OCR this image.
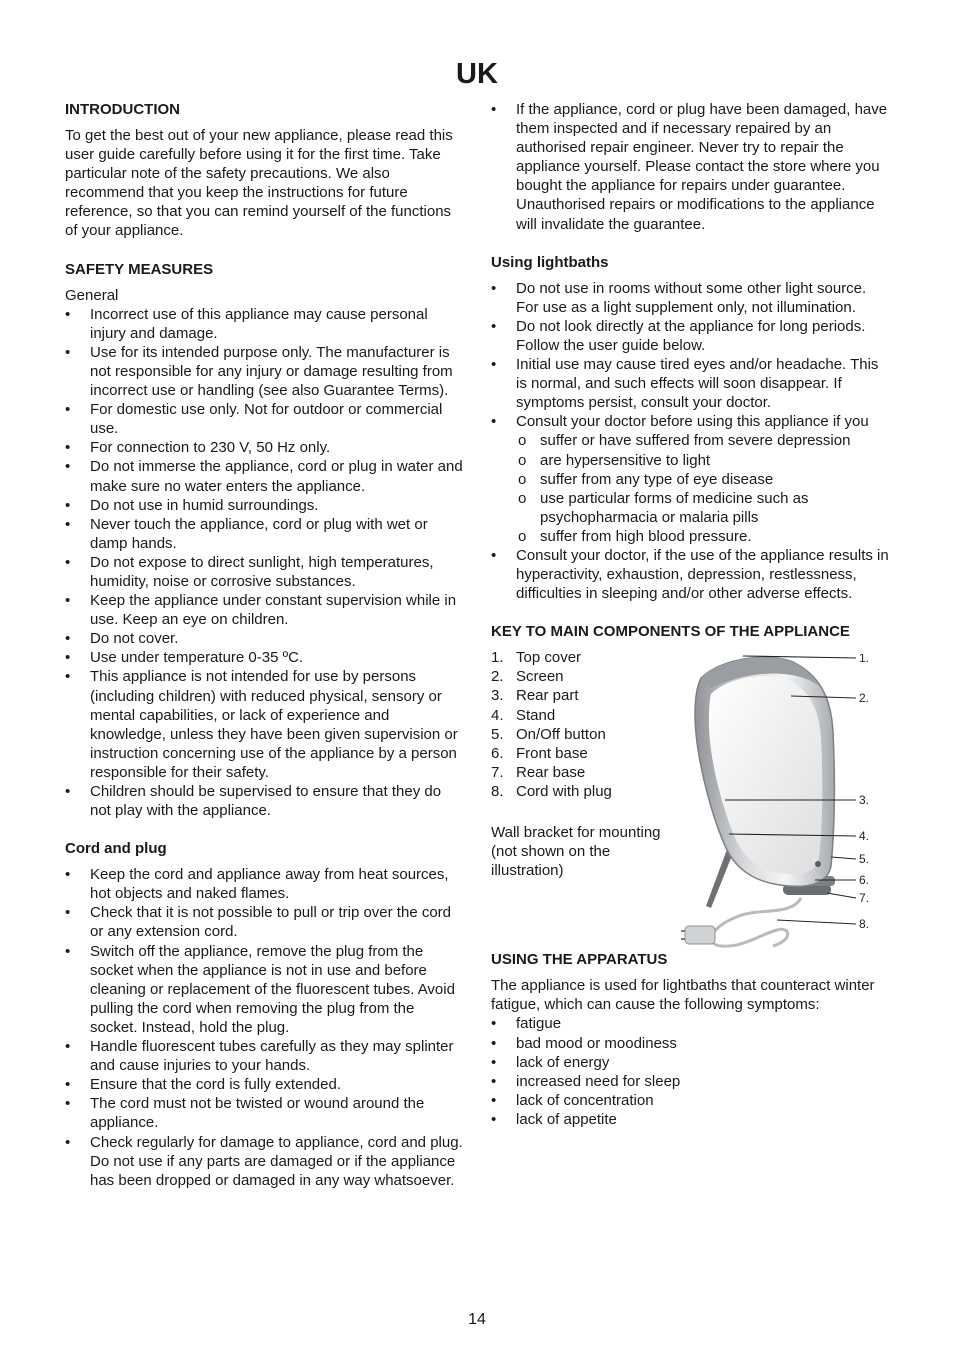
UK
INTRODUCTION

To get the best out of your new appliance, please read this user guide carefully before using it for the first time. Take particular note of the safety precautions. We also recommend that you keep the instructions for future reference, so that you can remind yourself of the functions of your appliance.

SAFETY MEASURES

General

• Incorrect use of this appliance may cause personal injury and damage.
• Use for its intended purpose only. The manufacturer is not responsible for any injury or damage resulting from incorrect use or handling (see also Guarantee Terms).
• For domestic use only. Not for outdoor or commercial use.
• For connection to 230 V, 50 Hz only.
• Do not immerse the appliance, cord or plug in water and make sure no water enters the appliance.
• Do not use in humid surroundings.
• Never touch the appliance, cord or plug with wet or damp hands.
• Do not expose to direct sunlight, high temperatures, humidity, noise or corrosive substances.
• Keep the appliance under constant supervision while in use. Keep an eye on children.
• Do not cover.
• Use under temperature 0-35 ºC.
• This appliance is not intended for use by persons (including children) with reduced physical, sensory or mental capabilities, or lack of experience and knowledge, unless they have been given supervision or instruction concerning use of the appliance by a person responsible for their safety.
• Children should be supervised to ensure that they do not play with the appliance.
Cord and plug
• Keep the cord and appliance away from heat sources, hot objects and naked flames.
• Check that it is not possible to pull or trip over the cord or any extension cord.
• Switch off the appliance, remove the plug from the socket when the appliance is not in use and before cleaning or replacement of the fluorescent tubes. Avoid pulling the cord when removing the plug from the socket. Instead, hold the plug.
• Handle fluorescent tubes carefully as they may splinter and cause injuries to your hands.
• Ensure that the cord is fully extended.
• The cord must not be twisted or wound around the appliance.
• Check regularly for damage to appliance, cord and plug. Do not use if any parts are damaged or if the appliance has been dropped or damaged in any way whatsoever.
• If the appliance, cord or plug have been damaged, have them inspected and if necessary repaired by an authorised repair engineer. Never try to repair the appliance yourself. Please contact the store where you bought the appliance for repairs under guarantee. Unauthorised repairs or modifications to the appliance will invalidate the guarantee.
Using lightbaths
• Do not use in rooms without some other light source. For use as a light supplement only, not illumination.
• Do not look directly at the appliance for long periods. Follow the user guide below.
• Initial use may cause tired eyes and/or headache. This is normal, and such effects will soon disappear. If symptoms persist, consult your doctor.
• Consult your doctor before using this appliance if you
o suffer or have suffered from severe depression
o are hypersensitive to light
o suffer from any type of eye disease
o use particular forms of medicine such as psychopharmacia or malaria pills
o suffer from high blood pressure.
• Consult your doctor, if the use of the appliance results in hyperactivity, exhaustion, depression, restlessness, difficulties in sleeping and/or other adverse effects.
KEY TO MAIN COMPONENTS OF THE APPLIANCE
1. Top cover
2. Screen
3. Rear part
4. Stand
5. On/Off button
6. Front base
7. Rear base
8. Cord with plug

Wall bracket for mounting (not shown on the illustration)

1.
2.
3.
4.
5.
6.
7.
8.
USING THE APPARATUS

The appliance is used for lightbaths that counteract winter fatigue, which can cause the following symptoms:

• fatigue
• bad mood or moodiness
• lack of energy
• increased need for sleep
• lack of concentration
• lack of appetite
14
